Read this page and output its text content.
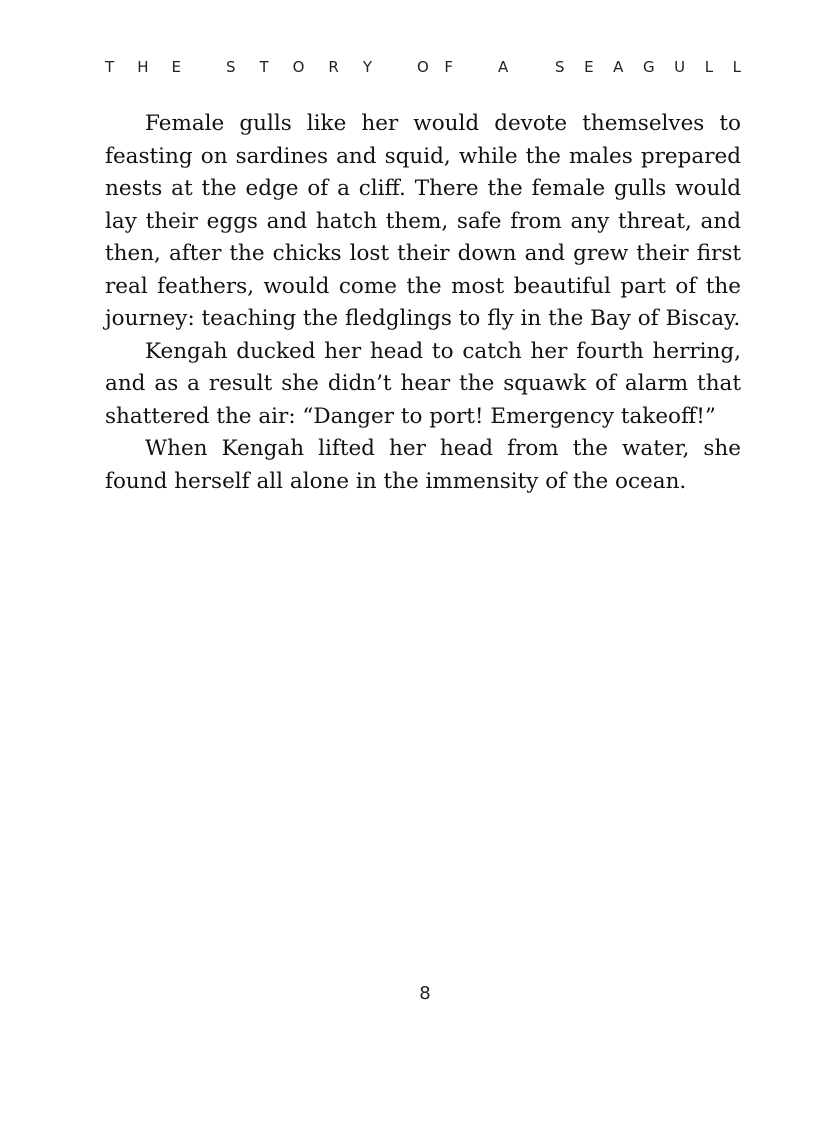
T H E	S T O R Y	O F	A	S E A G U L L

Female gulls like her would devote themselves to feasting on sardines and squid, while the males prepared nests at the edge of a cliff. There the female gulls would lay their eggs and hatch them, safe from any threat, and then, after the chicks lost their down and grew their first real feathers, would come the most beautiful part of the journey: teaching the fledglings to fly in the Bay of Biscay.

Kengah ducked her head to catch her fourth herring, and as a result she didn’t hear the squawk of alarm that shattered the air: “Danger to port! Emergency takeoff!”

When Kengah lifted her head from the water, she found herself all alone in the immensity of the ocean.

8
